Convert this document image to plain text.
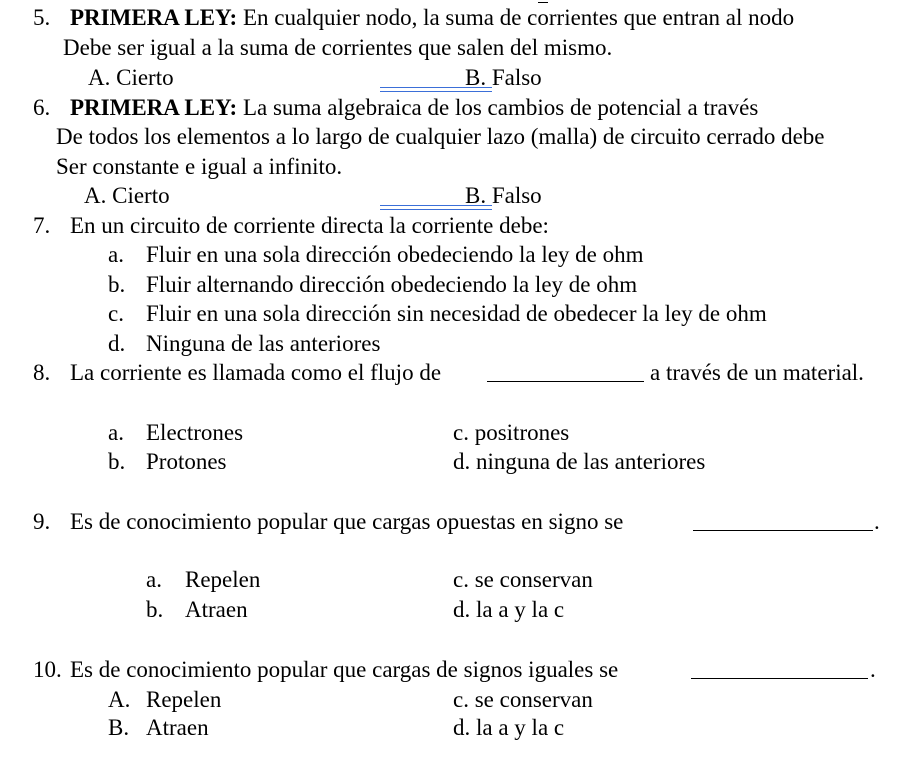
5. PRIMERA LEY: En cualquier nodo, la suma de corrientes que entran al nodo
Debe ser igual a la suma de corrientes que salen del mismo.
A. Cierto	B. Falso
6. PRIMERA LEY: La suma algebraica de los cambios de potencial a través
De todos los elementos a lo largo de cualquier lazo (malla) de circuito cerrado debe
Ser constante e igual a infinito.
A. Cierto	B. Falso
7. En un circuito de corriente directa la corriente debe:
a. Fluir en una sola dirección obedeciendo la ley de ohm
b. Fluir alternando dirección obedeciendo la ley de ohm
c. Fluir en una sola dirección sin necesidad de obedecer la ley de ohm
d. Ninguna de las anteriores
8. La corriente es llamada como el flujo de	a través de un material.
a. Electrones	c. positrones
b. Protones	d. ninguna de las anteriores
9. Es de conocimiento popular que cargas opuestas en signo se	.
a. Repelen	c. se conservan
b. Atraen	d. la a y la c
10. Es de conocimiento popular que cargas de signos iguales se	.
A. Repelen	c. se conservan
B. Atraen	d. la a y la c
